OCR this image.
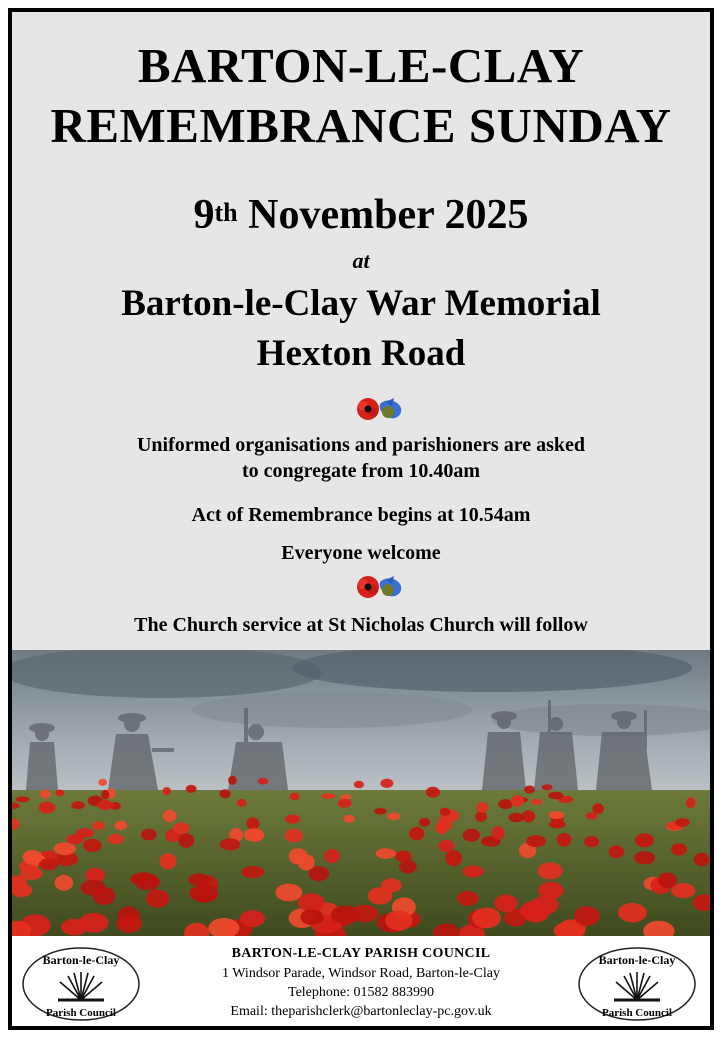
BARTON-LE-CLAY
REMEMBRANCE SUNDAY
9th November 2025
at
Barton-le-Clay War Memorial
Hexton Road
Uniformed organisations and parishioners are asked
to congregate from 10.40am
Act of Remembrance begins at 10.54am
Everyone welcome
The Church service at St Nicholas Church will follow
Barton-le-Clay
Parish Council
BARTON-LE-CLAY PARISH COUNCIL
1 Windsor Parade, Windsor Road, Barton-le-Clay
Telephone: 01582 883990
Email: theparishclerk@bartonleclay-pc.gov.uk
Barton-le-Clay
Parish Council
